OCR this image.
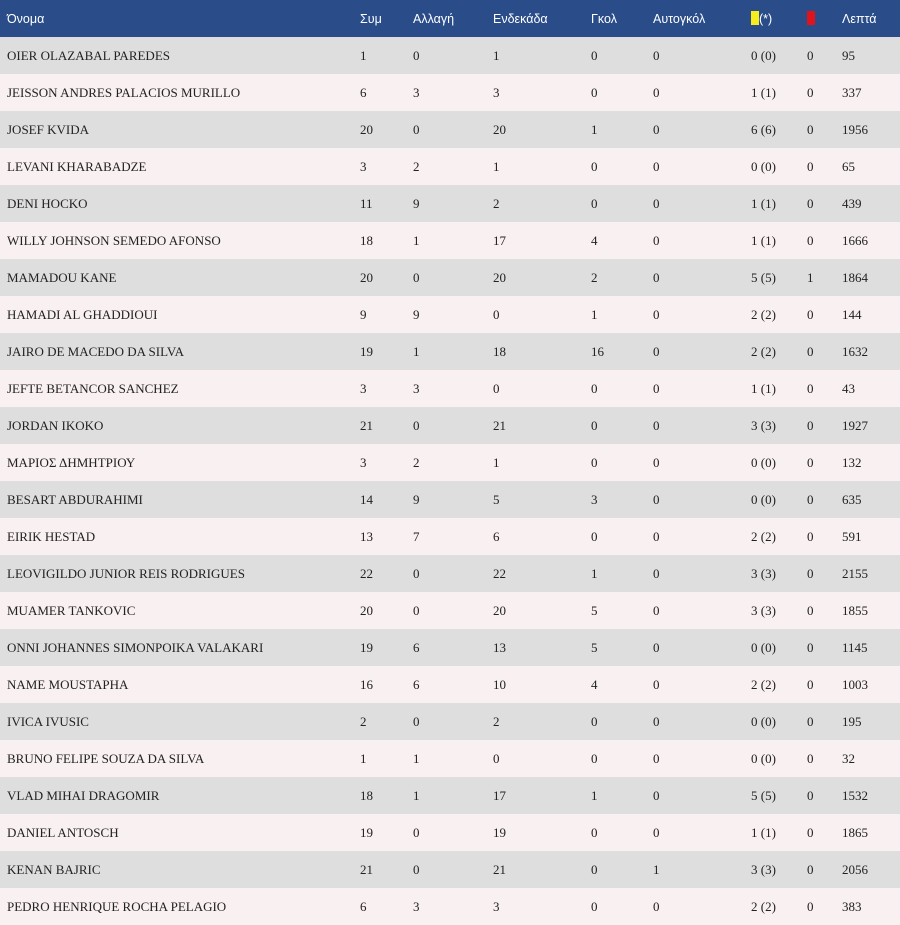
Όνομα	Συμ	Αλλαγή	Ενδεκάδα	Γκολ	Αυτογκόλ	(*)		Λεπτά
OIER OLAZABAL PAREDES	1	0	1	0	0	0 (0)	0	95
JEISSON ANDRES PALACIOS MURILLO	6	3	3	0	0	1 (1)	0	337
JOSEF KVIDA	20	0	20	1	0	6 (6)	0	1956
LEVANI KHARABADZE	3	2	1	0	0	0 (0)	0	65
DENI HOCKO	11	9	2	0	0	1 (1)	0	439
WILLY JOHNSON SEMEDO AFONSO	18	1	17	4	0	1 (1)	0	1666
MAMADOU KANE	20	0	20	2	0	5 (5)	1	1864
HAMADI AL GHADDIOUI	9	9	0	1	0	2 (2)	0	144
JAIRO DE MACEDO DA SILVA	19	1	18	16	0	2 (2)	0	1632
JEFTE BETANCOR SANCHEZ	3	3	0	0	0	1 (1)	0	43
JORDAN IKOKO	21	0	21	0	0	3 (3)	0	1927
ΜΑΡΙΟΣ ΔΗΜΗΤΡΙΟΥ	3	2	1	0	0	0 (0)	0	132
BESART ABDURAHIMI	14	9	5	3	0	0 (0)	0	635
EIRIK HESTAD	13	7	6	0	0	2 (2)	0	591
LEOVIGILDO JUNIOR REIS RODRIGUES	22	0	22	1	0	3 (3)	0	2155
MUAMER TANKOVIC	20	0	20	5	0	3 (3)	0	1855
ONNI JOHANNES SIMONPOIKA VALAKARI	19	6	13	5	0	0 (0)	0	1145
NAME MOUSTAPHA	16	6	10	4	0	2 (2)	0	1003
IVICA IVUSIC	2	0	2	0	0	0 (0)	0	195
BRUNO FELIPE SOUZA DA SILVA	1	1	0	0	0	0 (0)	0	32
VLAD MIHAI DRAGOMIR	18	1	17	1	0	5 (5)	0	1532
DANIEL ANTOSCH	19	0	19	0	0	1 (1)	0	1865
KENAN BAJRIC	21	0	21	0	1	3 (3)	0	2056
PEDRO HENRIQUE ROCHA PELAGIO	6	3	3	0	0	2 (2)	0	383
